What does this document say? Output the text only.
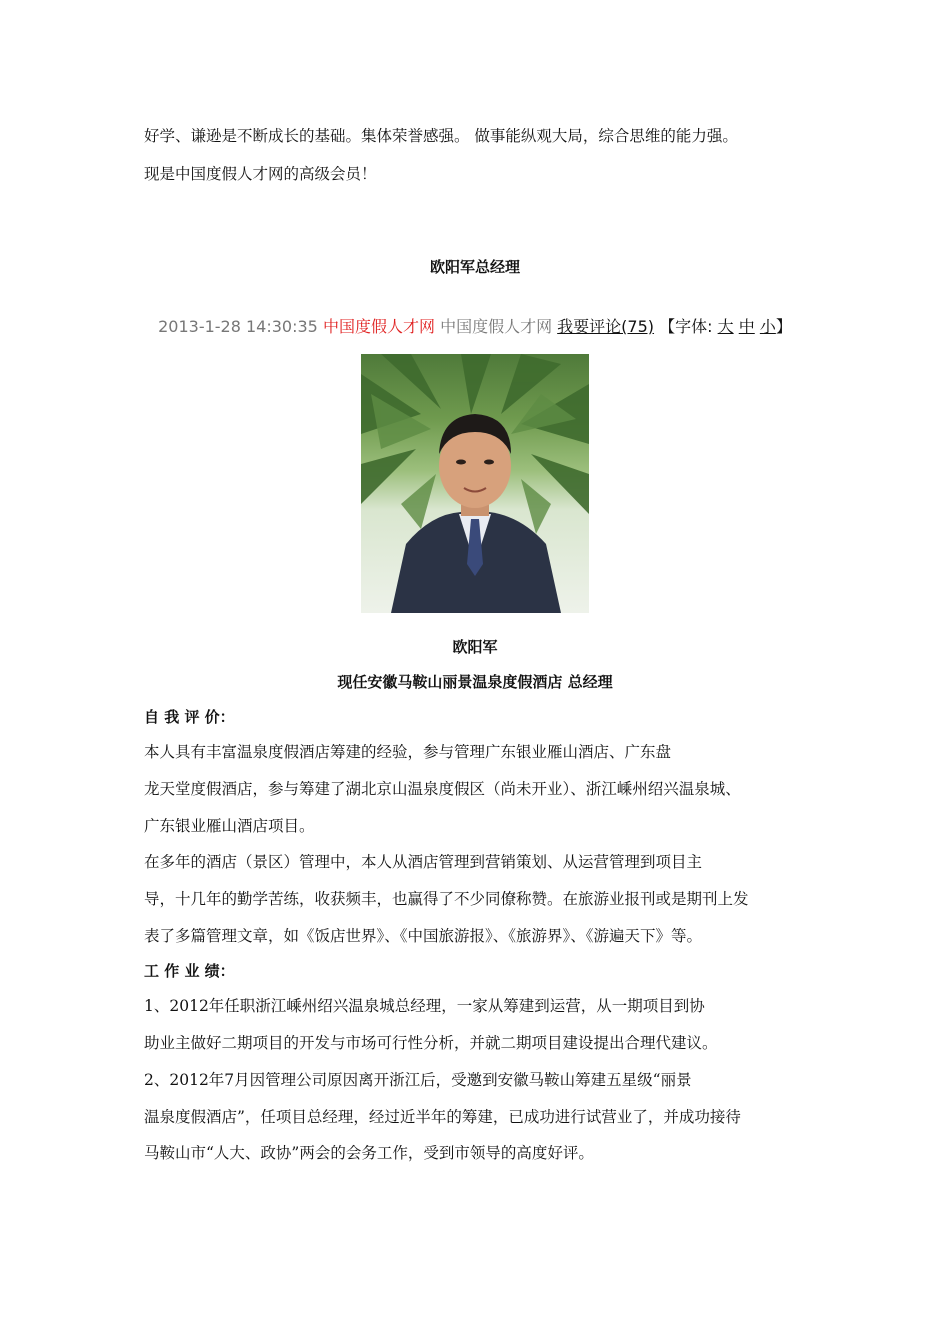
好学、谦逊是不断成长的基础。集体荣誉感强。 做事能纵观大局，综合思维的能力强。
现是中国度假人才网的高级会员！
欧阳军总经理
2013-1-28 14:30:35 中国度假人才网 中国度假人才网 我要评论(75) 【字体: 大 中 小】
欧阳军
现任安徽马鞍山丽景温泉度假酒店 总经理
自 我 评 价：
本人具有丰富温泉度假酒店筹建的经验，参与管理广东银业雁山酒店、广东盘
龙天堂度假酒店，参与筹建了湖北京山温泉度假区（尚未开业）、浙江嵊州绍兴温泉城、
广东银业雁山酒店项目。
在多年的酒店（景区）管理中，本人从酒店管理到营销策划、从运营管理到项目主
导，十几年的勤学苦练，收获频丰，也赢得了不少同僚称赞。在旅游业报刊或是期刊上发
表了多篇管理文章，如《饭店世界》、《中国旅游报》、《旅游界》、《游遍天下》等。
工 作 业 绩：
1、2012年任职浙江嵊州绍兴温泉城总经理，一家从筹建到运营，从一期项目到协
助业主做好二期项目的开发与市场可行性分析，并就二期项目建设提出合理代建议。
2、2012年7月因管理公司原因离开浙江后，受邀到安徽马鞍山筹建五星级“丽景
温泉度假酒店”，任项目总经理，经过近半年的筹建，已成功进行试营业了，并成功接待
马鞍山市“人大、政协”两会的会务工作，受到市领导的高度好评。
